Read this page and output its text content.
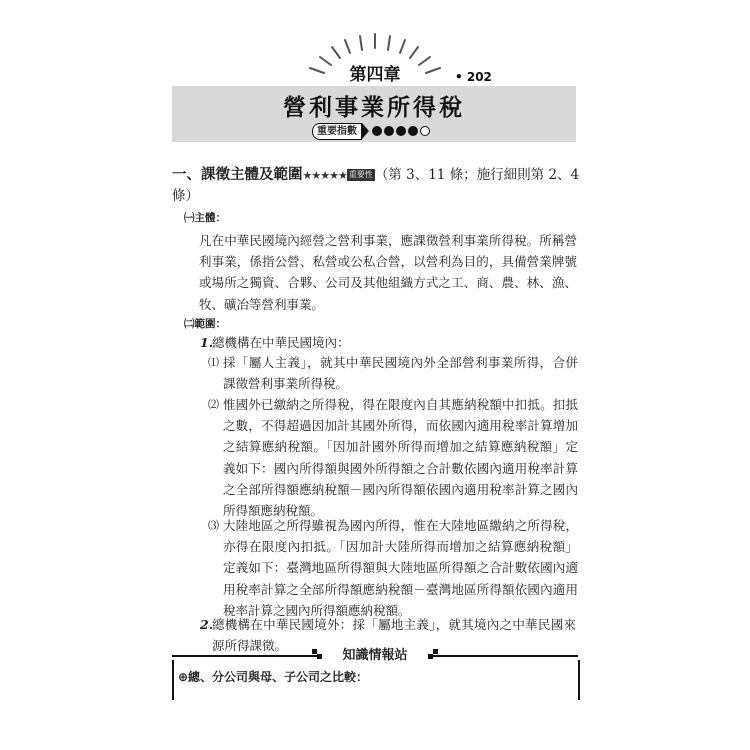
第四章	• 202
營利事業所得稅
重要指數
一、課徵主體及範圍★★★★★ 重要性 （第 3、11 條；施行細則第 2、4 條）
㈠主體：
凡在中華民國境內經營之營利事業，應課徵營利事業所得稅。所稱營利事業，係指公營、私營或公私合營，以營利為目的，具備營業牌號或場所之獨資、合夥、公司及其他組織方式之工、商、農、林、漁、牧、礦冶等營利事業。
㈡範圍：
1.
總機構在中華民國境內：
⑴ 採「屬人主義」，就其中華民國境內外全部營利事業所得，合併課徵營利事業所得稅。
⑵ 惟國外已繳納之所得稅，得在限度內自其應納稅額中扣抵。扣抵之數，不得超過因加計其國外所得，而依國內適用稅率計算增加之結算應納稅額。「因加計國外所得而增加之結算應納稅額」定義如下：國內所得額與國外所得額之合計數依國內適用稅率計算之全部所得額應納稅額－國內所得額依國內適用稅率計算之國內所得額應納稅額。
⑶ 大陸地區之所得雖視為國內所得，惟在大陸地區繳納之所得稅，亦得在限度內扣抵。「因加計大陸所得而增加之結算應納稅額」定義如下：臺灣地區所得額與大陸地區所得額之合計數依國內適用稅率計算之全部所得額應納稅額－臺灣地區所得額依國內適用稅率計算之國內所得額應納稅額。
2.
總機構在中華民國境外：採「屬地主義」，就其境內之中華民國來源所得課徵。
知識情報站
⊕總、分公司與母、子公司之比較：
